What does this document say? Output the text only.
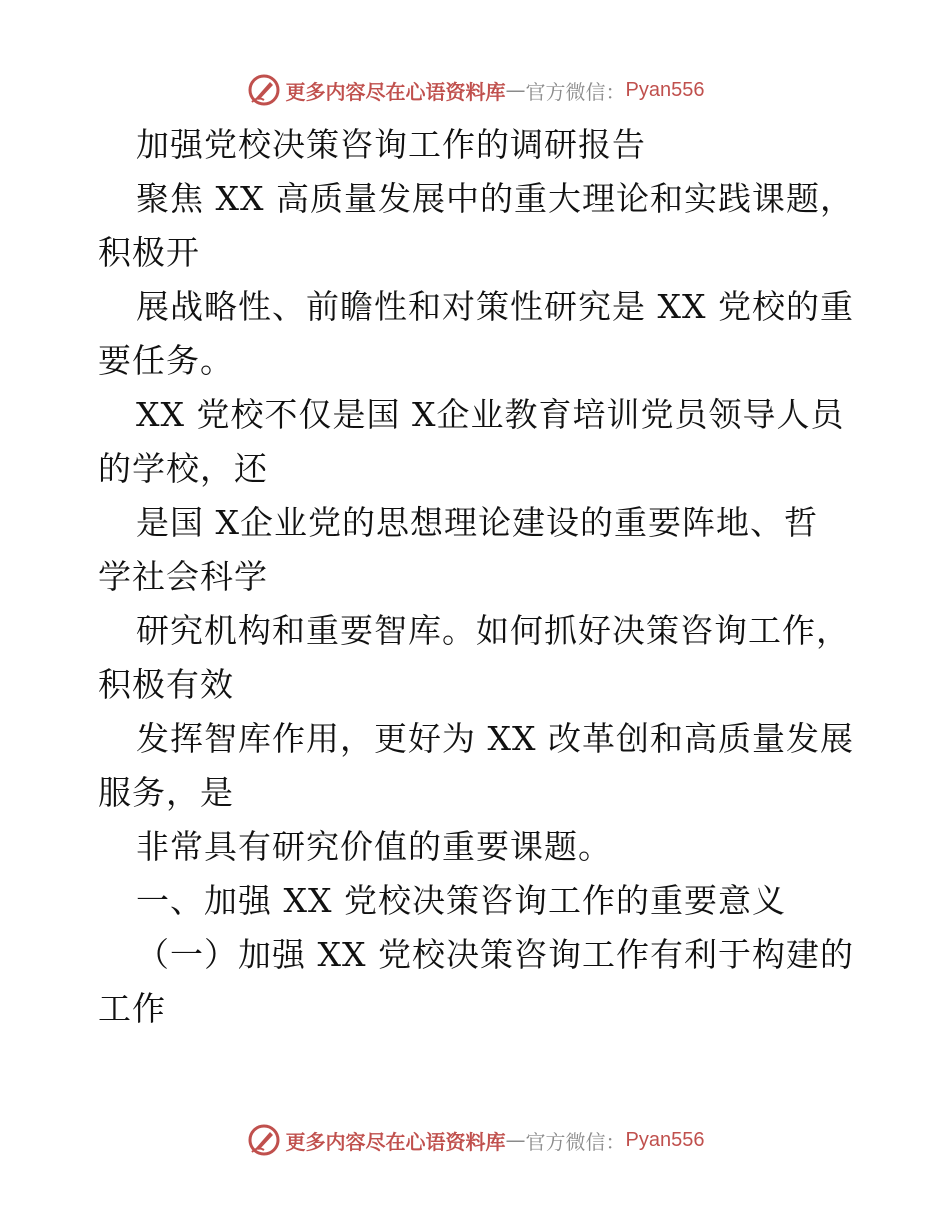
更多内容尽在心语资料库 — 官方微信： Pyan556
加强党校决策咨询工作的调研报告
聚焦 XX 高质量发展中的重大理论和实践课题，
积极开
展战略性、前瞻性和对策性研究是 XX 党校的重
要任务。
XX 党校不仅是国 X企业教育培训党员领导人员
的学校，还
是国 X企业党的思想理论建设的重要阵地、哲
学社会科学
研究机构和重要智库。如何抓好决策咨询工作，
积极有效
发挥智库作用，更好为 XX 改革创和高质量发展
服务，是
非常具有研究价值的重要课题。
一、加强 XX 党校决策咨询工作的重要意义
（一）加强 XX 党校决策咨询工作有利于构建的
工作
更多内容尽在心语资料库 — 官方微信： Pyan556
